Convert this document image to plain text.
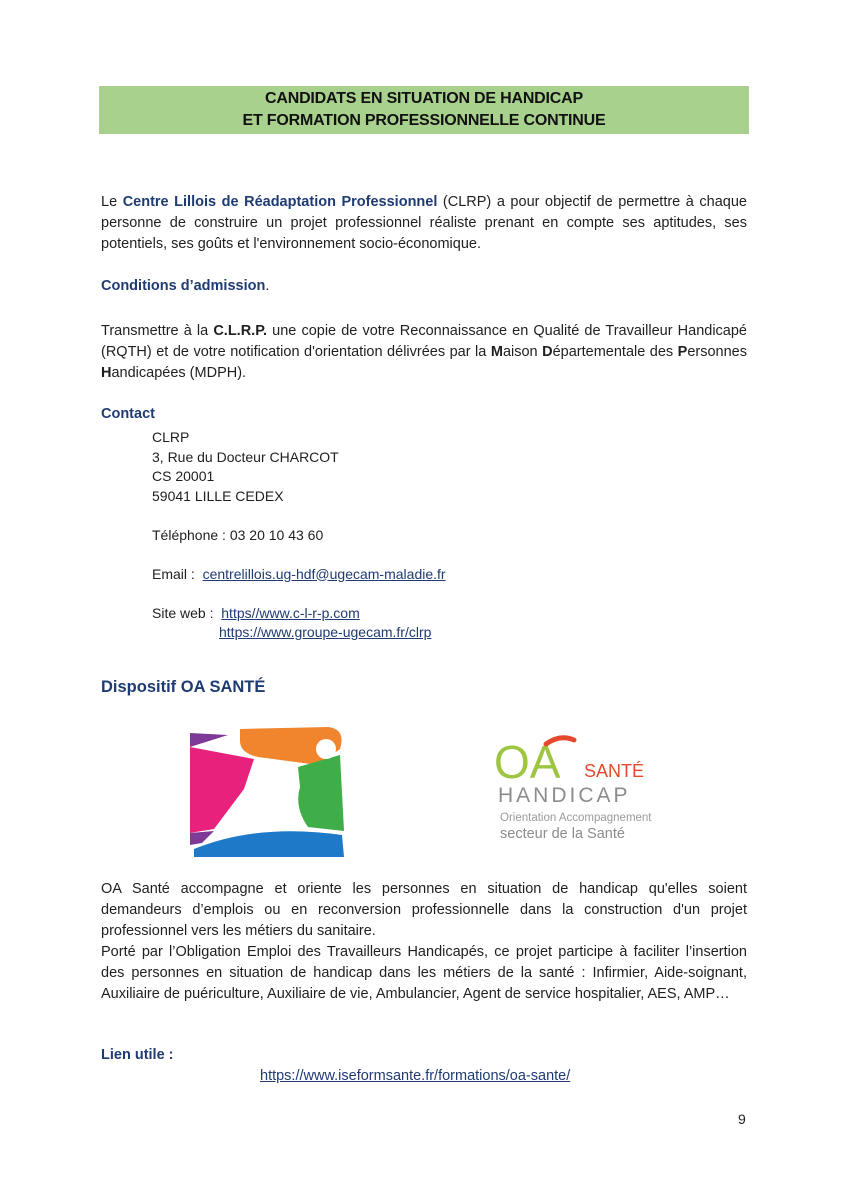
CANDIDATS EN SITUATION DE HANDICAP
ET FORMATION PROFESSIONNELLE CONTINUE
Le Centre Lillois de Réadaptation Professionnel (CLRP) a pour objectif de permettre à chaque personne de construire un projet professionnel réaliste prenant en compte ses aptitudes, ses potentiels, ses goûts et l'environnement socio-économique.
Conditions d’admission.
Transmettre à la C.L.R.P. une copie de votre Reconnaissance en Qualité de Travailleur Handicapé (RQTH) et de votre notification d'orientation délivrées par la Maison Départementale des Personnes Handicapées (MDPH).
Contact
CLRP
3, Rue du Docteur CHARCOT
CS 20001
59041 LILLE CEDEX
Téléphone : 03 20 10 43 60
Email : centrelillois.ug-hdf@ugecam-maladie.fr
Site web : https//www.c-l-r-p.com
https://www.groupe-ugecam.fr/clrp
Dispositif OA SANTÉ
OA SANTÉ
HANDICAP
Orientation Accompagnement
secteur de la Santé
OA Santé accompagne et oriente les personnes en situation de handicap qu'elles soient demandeurs d’emplois ou en reconversion professionnelle dans la construction d'un projet professionnel vers les métiers du sanitaire.
Porté par l’Obligation Emploi des Travailleurs Handicapés, ce projet participe à faciliter l’insertion des personnes en situation de handicap dans les métiers de la santé : Infirmier, Aide-soignant, Auxiliaire de puériculture, Auxiliaire de vie, Ambulancier, Agent de service hospitalier, AES, AMP…
Lien utile :
https://www.iseformsante.fr/formations/oa-sante/
9
